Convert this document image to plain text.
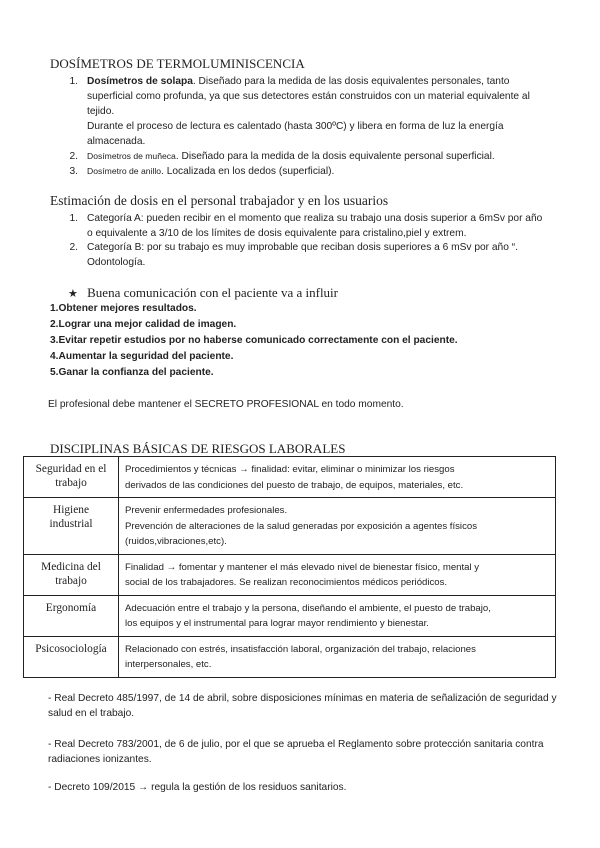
DOSÍMETROS DE TERMOLUMINISCENCIA
1. Dosímetros de solapa. Diseñado para la medida de las dosis equivalentes personales, tanto superficial como profunda, ya que sus detectores están construidos con un material equivalente al tejido.
Durante el proceso de lectura es calentado (hasta 300ºC) y libera en forma de luz la energía almacenada.
2. Dosímetros de muñeca. Diseñado para la medida de la dosis equivalente personal superficial.
3. Dosímetro de anillo. Localizada en los dedos (superficial).
Estimación de dosis en el personal trabajador y en los usuarios
1. Categoría A: pueden recibir en el momento que realiza su trabajo una dosis superior a 6mSv por año o equivalente a 3/10 de los límites de dosis equivalente para cristalino,piel y extrem.
2. Categoría B: por su trabajo es muy improbable que reciban dosis superiores a 6 mSv por año “. Odontología.
★ Buena comunicación con el paciente va a influir
1.Obtener mejores resultados.
2.Lograr una mejor calidad de imagen.
3.Evitar repetir estudios por no haberse comunicado correctamente con el paciente.
4.Aumentar la seguridad del paciente.
5.Ganar la confianza del paciente.
El profesional debe mantener el SECRETO PROFESIONAL en todo momento.
DISCIPLINAS BÁSICAS DE RIESGOS LABORALES
Seguridad en el
trabajo	Procedimientos y técnicas → finalidad: evitar, eliminar o minimizar los riesgos
derivados de las condiciones del puesto de trabajo, de equipos, materiales, etc.

Higiene
industrial	Prevenir enfermedades profesionales.
Prevención de alteraciones de la salud generadas por exposición a agentes físicos
(ruidos,vibraciones,etc).

Medicina del
trabajo	Finalidad → fomentar y mantener el más elevado nivel de bienestar físico, mental y
social de los trabajadores. Se realizan reconocimientos médicos periódicos.

Ergonomía	Adecuación entre el trabajo y la persona, diseñando el ambiente, el puesto de trabajo,
los equipos y el instrumental para lograr mayor rendimiento y bienestar.

Psicosociología	Relacionado con estrés, insatisfacción laboral, organización del trabajo, relaciones
interpersonales, etc.
- Real Decreto 485/1997, de 14 de abril, sobre disposiciones mínimas en materia de señalización de seguridad y salud en el trabajo.
- Real Decreto 783/2001, de 6 de julio, por el que se aprueba el Reglamento sobre protección sanitaria contra radiaciones ionizantes.
- Decreto 109/2015 → regula la gestión de los residuos sanitarios.
